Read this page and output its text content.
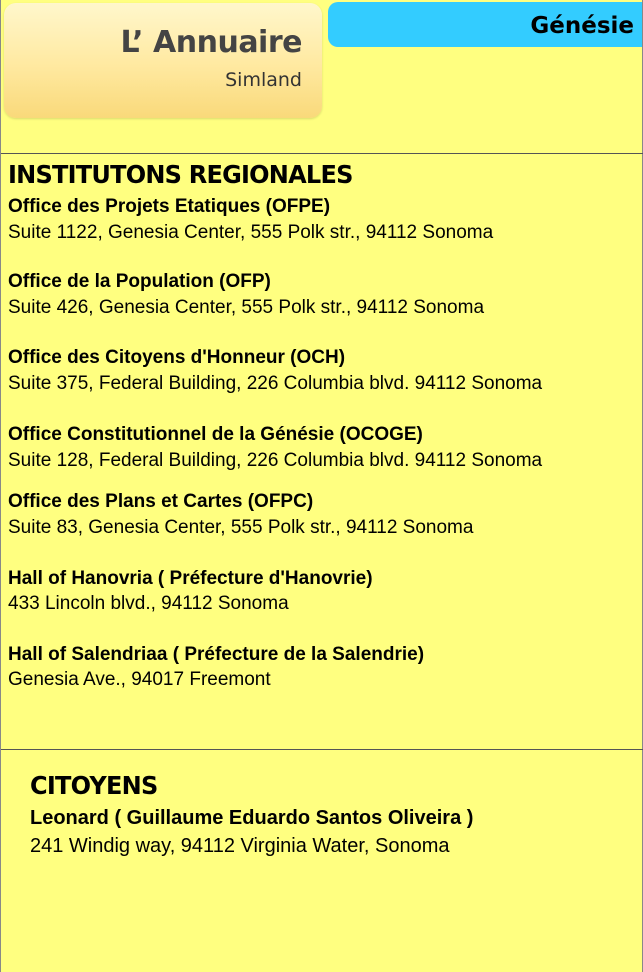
L’ Annuaire
Simland
Génésie
INSTITUTONS REGIONALES
Office des Projets Etatiques (OFPE)
Suite 1122, Genesia Center, 555 Polk str., 94112 Sonoma
Office de la Population (OFP)
Suite 426, Genesia Center, 555 Polk str., 94112 Sonoma
Office des Citoyens d'Honneur (OCH)
Suite 375, Federal Building, 226 Columbia blvd. 94112 Sonoma
Office Constitutionnel de la Génésie (OCOGE)
Suite 128, Federal Building, 226 Columbia blvd. 94112 Sonoma
Office des Plans et Cartes (OFPC)
Suite 83, Genesia Center, 555 Polk str., 94112 Sonoma
Hall of Hanovria ( Préfecture d'Hanovrie)
433 Lincoln blvd., 94112 Sonoma
Hall of Salendriaa ( Préfecture de la Salendrie)
Genesia Ave., 94017 Freemont
CITOYENS
Leonard ( Guillaume Eduardo Santos Oliveira )
241 Windig way, 94112 Virginia Water, Sonoma
